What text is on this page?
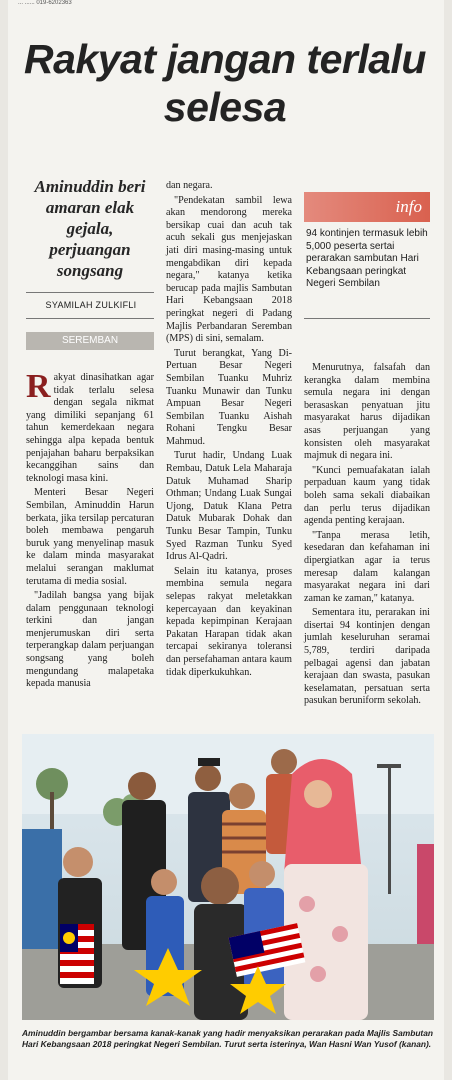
... ...... 019-6202363
Rakyat jangan terlalu selesa
Aminuddin beri amaran elak gejala, perjuangan songsang
SYAMILAH ZULKIFLI
SEREMBAN

Rakyat dinasihatkan agar tidak terlalu selesa dengan segala nikmat yang dimiliki sepanjang 61 tahun kemerdekaan negara sehingga alpa kepada bentuk penjajahan baharu berpaksikan kecanggihan sains dan teknologi masa kini.

Menteri Besar Negeri Sembilan, Aminuddin Harun berkata, jika tersilap percaturan boleh membawa pengaruh buruk yang menyelinap masuk ke dalam minda masyarakat melalui serangan maklumat terutama di media sosial.

"Jadilah bangsa yang bijak dalam penggunaan teknologi terkini dan jangan menjerumuskan diri serta terperangkap dalam perjuangan songsang yang boleh mengundang malapetaka kepada manusia

dan negara.

"Pendekatan sambil lewa akan mendorong mereka bersikap cuai dan acuh tak acuh sekali gus menjejaskan jati diri masing-masing untuk mengabdikan diri kepada negara," katanya ketika berucap pada majlis Sambutan Hari Kebangsaan 2018 peringkat negeri di Padang Majlis Perbandaran Seremban (MPS) di sini, semalam.

Turut berangkat, Yang Di-Pertuan Besar Negeri Sembilan Tuanku Muhriz Tuanku Munawir dan Tunku Ampuan Besar Negeri Sembilan Tuanku Aishah Rohani Tengku Besar Mahmud.

Turut hadir, Undang Luak Rembau, Datuk Lela Maharaja Datuk Muhamad Sharip Othman; Undang Luak Sungai Ujong, Datuk Klana Petra Datuk Mubarak Dohak dan Tunku Besar Tampin, Tunku Syed Razman Tunku Syed Idrus Al-Qadri.

Selain itu katanya, proses membina semula negara selepas rakyat meletakkan kepercayaan dan keyakinan kepada kepimpinan Kerajaan Pakatan Harapan tidak akan tercapai sekiranya toleransi dan persefahaman antara kaum tidak diperkukuhkan.

info
94 kontinjen termasuk lebih 5,000 peserta sertai perarakan sambutan Hari Kebangsaan peringkat Negeri Sembilan

Menurutnya, falsafah dan kerangka dalam membina semula negara ini dengan berasaskan penyatuan jitu masyarakat harus dijadikan asas perjuangan yang konsisten oleh masyarakat majmuk di negara ini.

"Kunci pemuafakatan ialah perpaduan kaum yang tidak boleh sama sekali diabaikan dan perlu terus dijadikan agenda penting kerajaan.

"Tanpa merasa letih, kesedaran dan kefahaman ini dipergiatkan agar ia terus meresap dalam kalangan masyarakat negara ini dari zaman ke zaman," katanya.

Sementara itu, perarakan ini disertai 94 kontinjen dengan jumlah keseluruhan seramai 5,789, terdiri daripada pelbagai agensi dan jabatan kerajaan dan swasta, pasukan keselamatan, persatuan serta pasukan beruniform sekolah.

Aminuddin bergambar bersama kanak-kanak yang hadir menyaksikan perarakan pada Majlis Sambutan Hari Kebangsaan 2018 peringkat Negeri Sembilan. Turut serta isterinya, Wan Hasni Wan Yusof (kanan).
